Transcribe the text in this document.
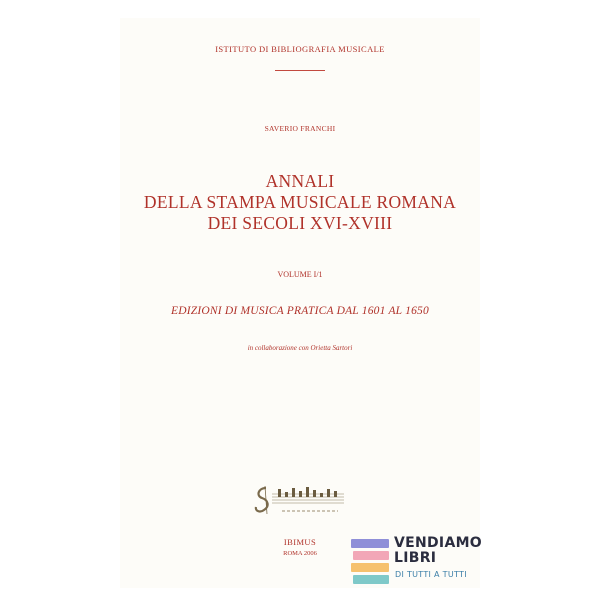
ISTITUTO DI BIBLIOGRAFIA MUSICALE
SAVERIO FRANCHI
ANNALI
DELLA STAMPA MUSICALE ROMANA
DEI SECOLI XVI-XVIII
VOLUME I/1
EDIZIONI DI MUSICA PRATICA DAL 1601 AL 1650
in collaborazione con Orietta Sartori
IBIMUS
ROMA 2006
VENDIAMO
LIBRI
DI TUTTI A TUTTI
